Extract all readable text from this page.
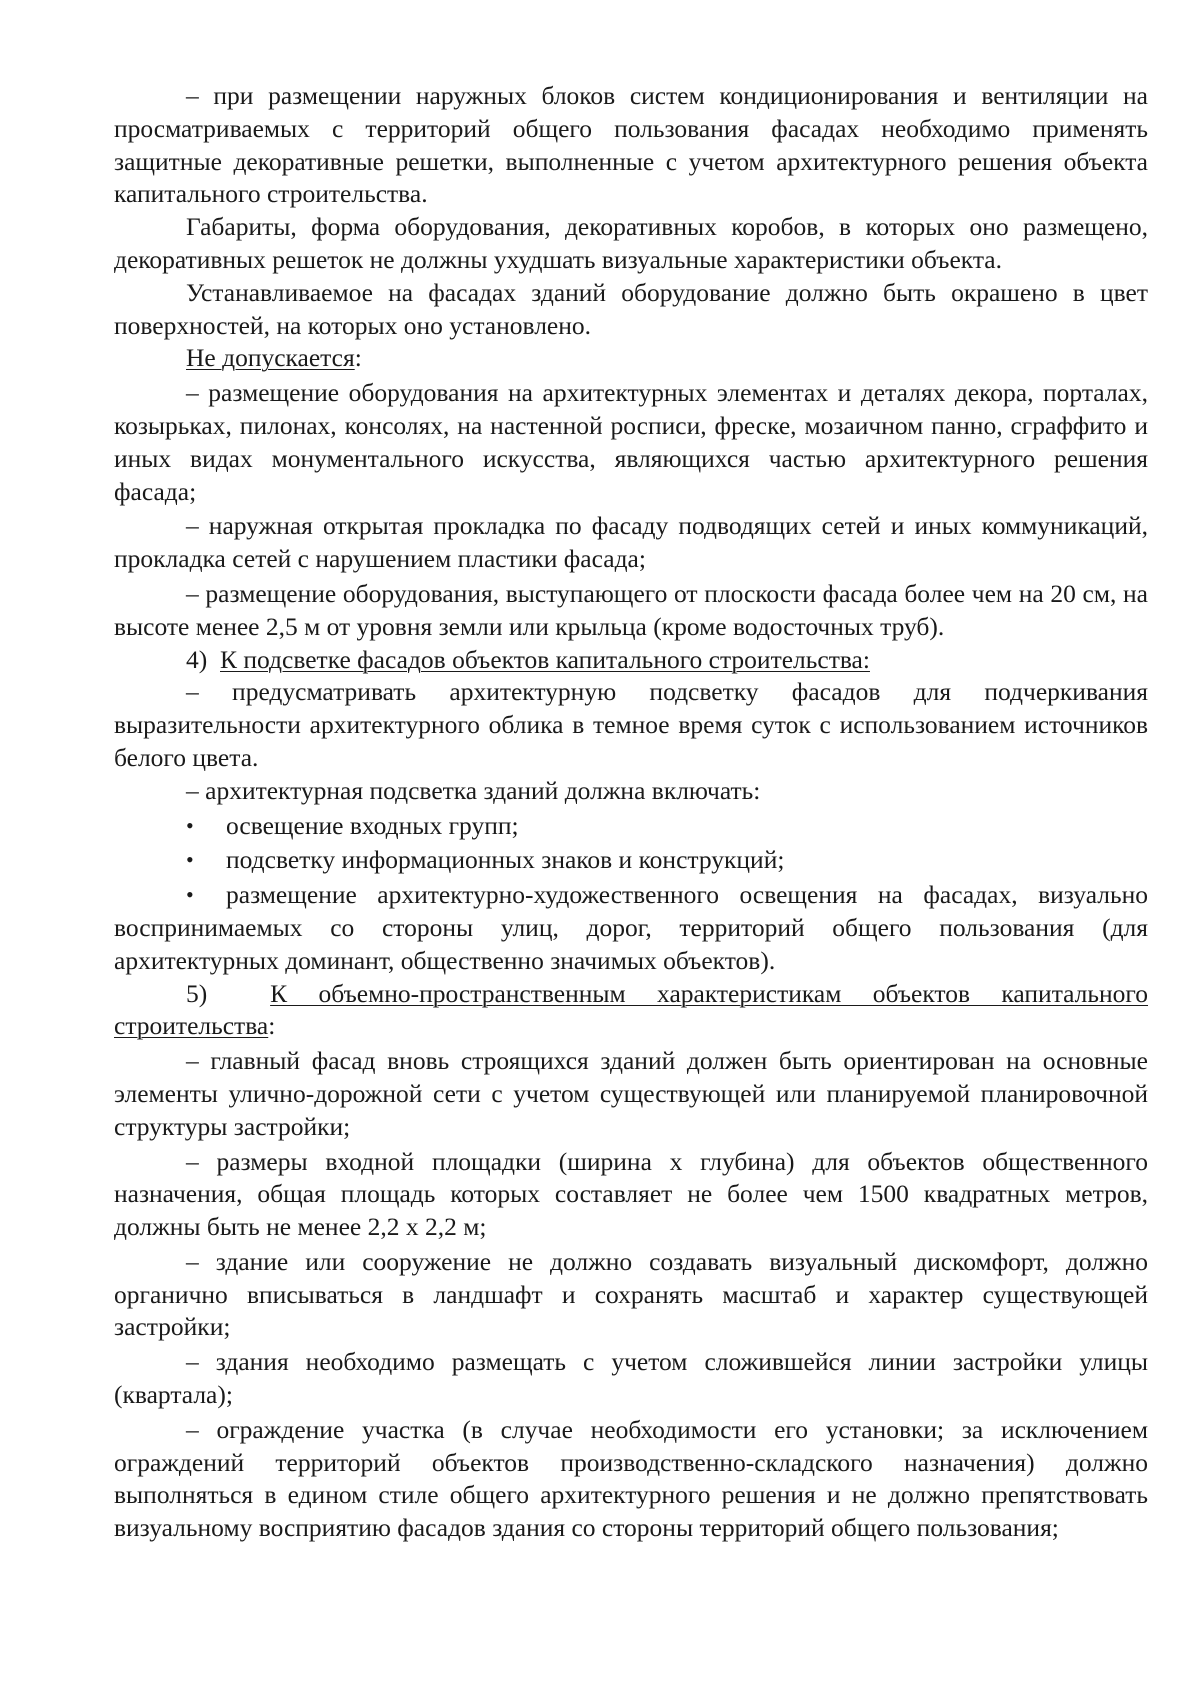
– при размещении наружных блоков систем кондиционирования и вентиляции на просматриваемых с территорий общего пользования фасадах необходимо применять защитные декоративные решетки, выполненные с учетом архитектурного решения объекта капитального строительства.

Габариты, форма оборудования, декоративных коробов, в которых оно размещено, декоративных решеток не должны ухудшать визуальные характеристики объекта.

Устанавливаемое на фасадах зданий оборудование должно быть окрашено в цвет поверхностей, на которых оно установлено.

Не допускается:

– размещение оборудования на архитектурных элементах и деталях декора, порталах, козырьках, пилонах, консолях, на настенной росписи, фреске, мозаичном панно, сграффито и иных видах монументального искусства, являющихся частью архитектурного решения фасада;

– наружная открытая прокладка по фасаду подводящих сетей и иных коммуникаций, прокладка сетей с нарушением пластики фасада;

– размещение оборудования, выступающего от плоскости фасада более чем на 20 см, на высоте менее 2,5 м от уровня земли или крыльца (кроме водосточных труб).

4) К подсветке фасадов объектов капитального строительства:

– предусматривать архитектурную подсветку фасадов для подчеркивания выразительности архитектурного облика в темное время суток с использованием источников белого цвета.

– архитектурная подсветка зданий должна включать:

• освещение входных групп;

• подсветку информационных знаков и конструкций;

• размещение архитектурно-художественного освещения на фасадах, визуально воспринимаемых со стороны улиц, дорог, территорий общего пользования (для архитектурных доминант, общественно значимых объектов).

5) К объемно-пространственным характеристикам объектов капитального строительства:

– главный фасад вновь строящихся зданий должен быть ориентирован на основные элементы улично-дорожной сети с учетом существующей или планируемой планировочной структуры застройки;

– размеры входной площадки (ширина х глубина) для объектов общественного назначения, общая площадь которых составляет не более чем 1500 квадратных метров, должны быть не менее 2,2 х 2,2 м;

– здание или сооружение не должно создавать визуальный дискомфорт, должно органично вписываться в ландшафт и сохранять масштаб и характер существующей застройки;

– здания необходимо размещать с учетом сложившейся линии застройки улицы (квартала);

– ограждение участка (в случае необходимости его установки; за исключением ограждений территорий объектов производственно-складского назначения) должно выполняться в едином стиле общего архитектурного решения и не должно препятствовать визуальному восприятию фасадов здания со стороны территорий общего пользования;
